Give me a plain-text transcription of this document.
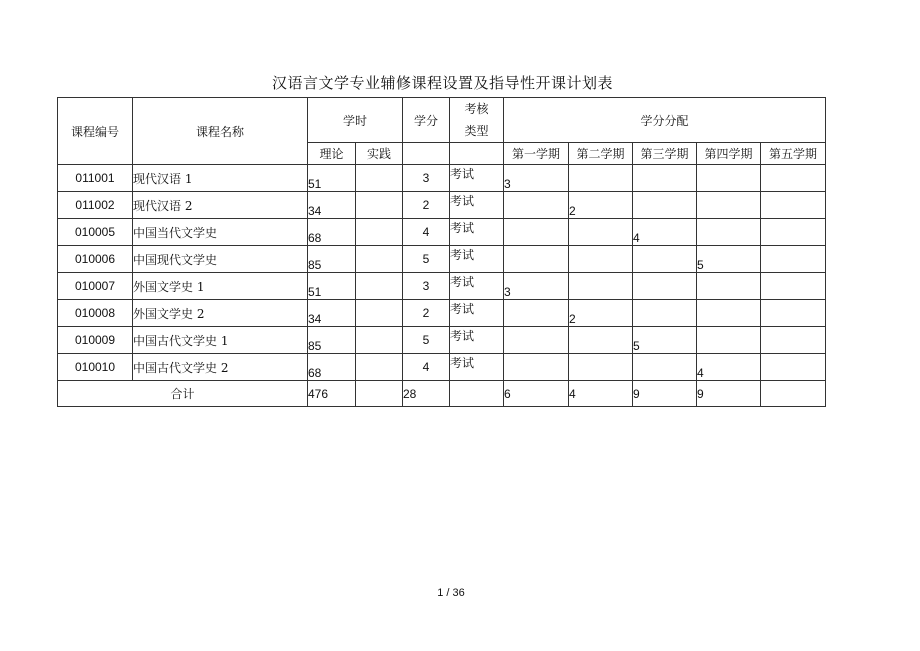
汉语言文学专业辅修课程设置及指导性开课计划表
课程编号	课程名称	学时		学分	考核
类型	学分分配				
		理论	实践			第一学期	第二学期	第三学期	第四学期	第五学期
011001	现代汉语 1	51		3	考试	3				
011002	现代汉语 2	34		2	考试		2			
010005	中国当代文学史	68		4	考试			4		
010006	中国现代文学史	85		5	考试				5	
010007	外国文学史 1	51		3	考试	3				
010008	外国文学史 2	34		2	考试		2			
010009	中国古代文学史 1	85		5	考试			5		
010010	中国古代文学史 2	68		4	考试				4	
合计		476		28		6	4	9	9	
1 / 36
